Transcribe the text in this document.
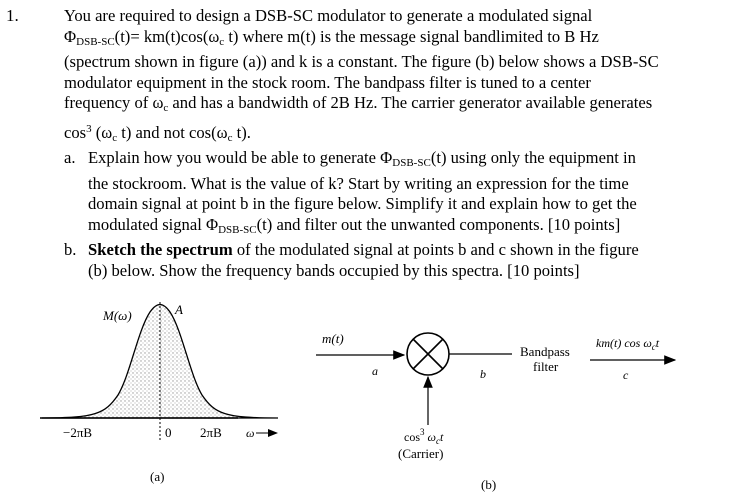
1.	You are required to design a DSB-SC modulator to generate a modulated signal
$\Phi_{DSB-SC}(t)= km(t)\cos(\omega_c$ t) where m(t) is the message signal bandlimited to B Hz
(spectrum shown in figure (a)) and k is a constant. The figure (b) below shows a DSB-SC
modulator equipment in the stock room. The bandpass filter is tuned to a center
frequency of $\omega_c$ and has a bandwidth of 2B Hz. The carrier generator available generates
$\cos^3 (\omega_c$ t) and not $\cos(\omega_c$ t).
a. Explain how you would be able to generate $\Phi_{DSB-SC}(t)$ using only the equipment in
the stockroom. What is the value of k? Start by writing an expression for the time
domain signal at point b in the figure below. Simplify it and explain how to get the
modulated signal $\Phi_{DSB-SC}(t)$ and filter out the unwanted components. [10 points]
b. Sketch the spectrum of the modulated signal at points b and c shown in the figure
(b) below. Show the frequency bands occupied by this spectra. [10 points]
M(ω)	A
−2πB	0 2πB ω
(a)
m(t)
a
$\cos^3 \omega_ct$
(Carrier)
b
Bandpass
filter
km(t) $\cos \omega_ct$
c
(b)
